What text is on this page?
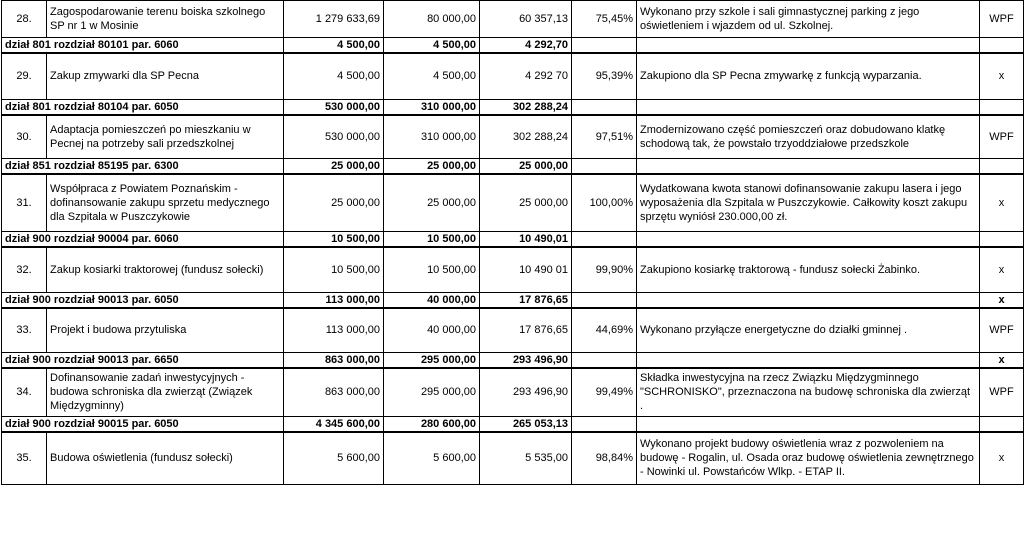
28.	Zagospodarowanie terenu boiska szkolnego SP nr 1 w Mosinie	1 279 633,69	80 000,00	60 357,13	75,45%	Wykonano przy szkole i sali gimnastycznej parking z jego oświetleniem i wjazdem od ul. Szkolnej.	WPF
dział 801 rozdział 80101 par. 6060		4 500,00	4 500,00	4 292,70			
29.	Zakup zmywarki dla SP Pecna	4 500,00	4 500,00	4 292 70	95,39%	Zakupiono dla SP Pecna zmywarkę z funkcją wyparzania.	x
dział 801 rozdział 80104 par. 6050		530 000,00	310 000,00	302 288,24			
30.	Adaptacja pomieszczeń po mieszkaniu w Pecnej na potrzeby sali przedszkolnej	530 000,00	310 000,00	302 288,24	97,51%	Zmodernizowano część pomieszczeń oraz dobudowano klatkę schodową tak, że powstało trzyoddziałowe przedszkole	WPF
dział 851 rozdział 85195 par. 6300		25 000,00	25 000,00	25 000,00			
31.	Współpraca z Powiatem Poznańskim - dofinansowanie zakupu sprzetu medycznego dla Szpitala w Puszczykowie	25 000,00	25 000,00	25 000,00	100,00%	Wydatkowana kwota stanowi dofinansowanie zakupu lasera i jego wyposażenia dla Szpitala w Puszczykowie. Całkowity koszt zakupu sprzętu wyniósł 230.000,00 zł.	x
dział 900 rozdział 90004 par. 6060		10 500,00	10 500,00	10 490,01			
32.	Zakup kosiarki traktorowej (fundusz sołecki)	10 500,00	10 500,00	10 490 01	99,90%	Zakupiono kosiarkę traktorową - fundusz sołecki Żabinko.	x
dział 900 rozdział 90013 par. 6050		113 000,00	40 000,00	17 876,65			x
33.	Projekt i budowa przytuliska	113 000,00	40 000,00	17 876,65	44,69%	Wykonano przyłącze energetyczne do działki gminnej .	WPF
dział 900 rozdział 90013 par. 6650		863 000,00	295 000,00	293 496,90			x
34.	Dofinansowanie zadań inwestycyjnych - budowa schroniska dla zwierząt (Związek Międzygminny)	863 000,00	295 000,00	293 496,90	99,49%	Składka inwestycyjna na rzecz Związku Międzygminnego "SCHRONISKO", przeznaczona na budowę schroniska dla zwierząt .	WPF
dział 900 rozdział 90015 par. 6050		4 345 600,00	280 600,00	265 053,13			
35.	Budowa oświetlenia (fundusz sołecki)	5 600,00	5 600,00	5 535,00	98,84%	Wykonano projekt budowy oświetlenia wraz z pozwoleniem na budowę - Rogalin, ul. Osada oraz budowę oświetlenia zewnętrznego - Nowinki ul. Powstańców Wlkp. - ETAP II.	x
